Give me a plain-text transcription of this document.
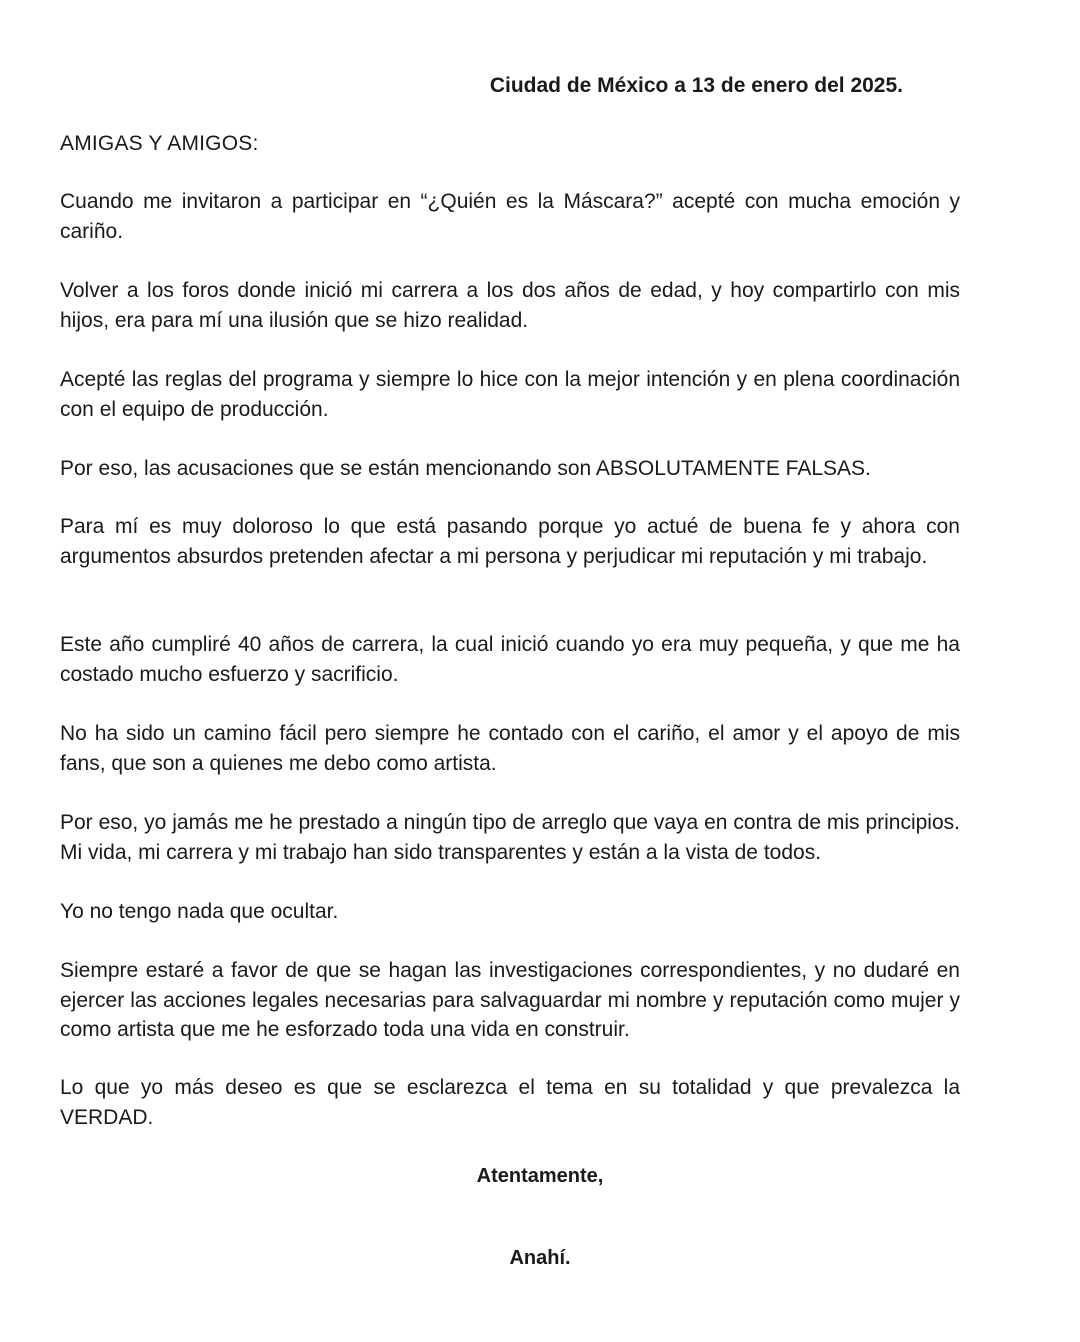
Ciudad de México a 13 de enero del 2025.
AMIGAS Y AMIGOS:

Cuando me invitaron a participar en “¿Quién es la Máscara?” acepté con mucha emoción y cariño.

Volver a los foros donde inició mi carrera a los dos años de edad, y hoy compartirlo con mis hijos, era para mí una ilusión que se hizo realidad.

Acepté las reglas del programa y siempre lo hice con la mejor intención y en plena coordinación con el equipo de producción.

Por eso, las acusaciones que se están mencionando son ABSOLUTAMENTE FALSAS.

Para mí es muy doloroso lo que está pasando porque yo actué de buena fe y ahora con argumentos absurdos pretenden afectar a mi persona y perjudicar mi reputación y mi trabajo.

Este año cumpliré 40 años de carrera, la cual inició cuando yo era muy pequeña, y que me ha costado mucho esfuerzo y sacrificio.

No ha sido un camino fácil pero siempre he contado con el cariño, el amor y el apoyo de mis fans, que son a quienes me debo como artista.

Por eso, yo jamás me he prestado a ningún tipo de arreglo que vaya en contra de mis principios. Mi vida, mi carrera y mi trabajo han sido transparentes y están a la vista de todos.

Yo no tengo nada que ocultar.

Siempre estaré a favor de que se hagan las investigaciones correspondientes, y no dudaré en ejercer las acciones legales necesarias para salvaguardar mi nombre y reputación como mujer y como artista que me he esforzado toda una vida en construir.

Lo que yo más deseo es que se esclarezca el tema en su totalidad y que prevalezca la VERDAD.

Atentamente,
Anahí.
